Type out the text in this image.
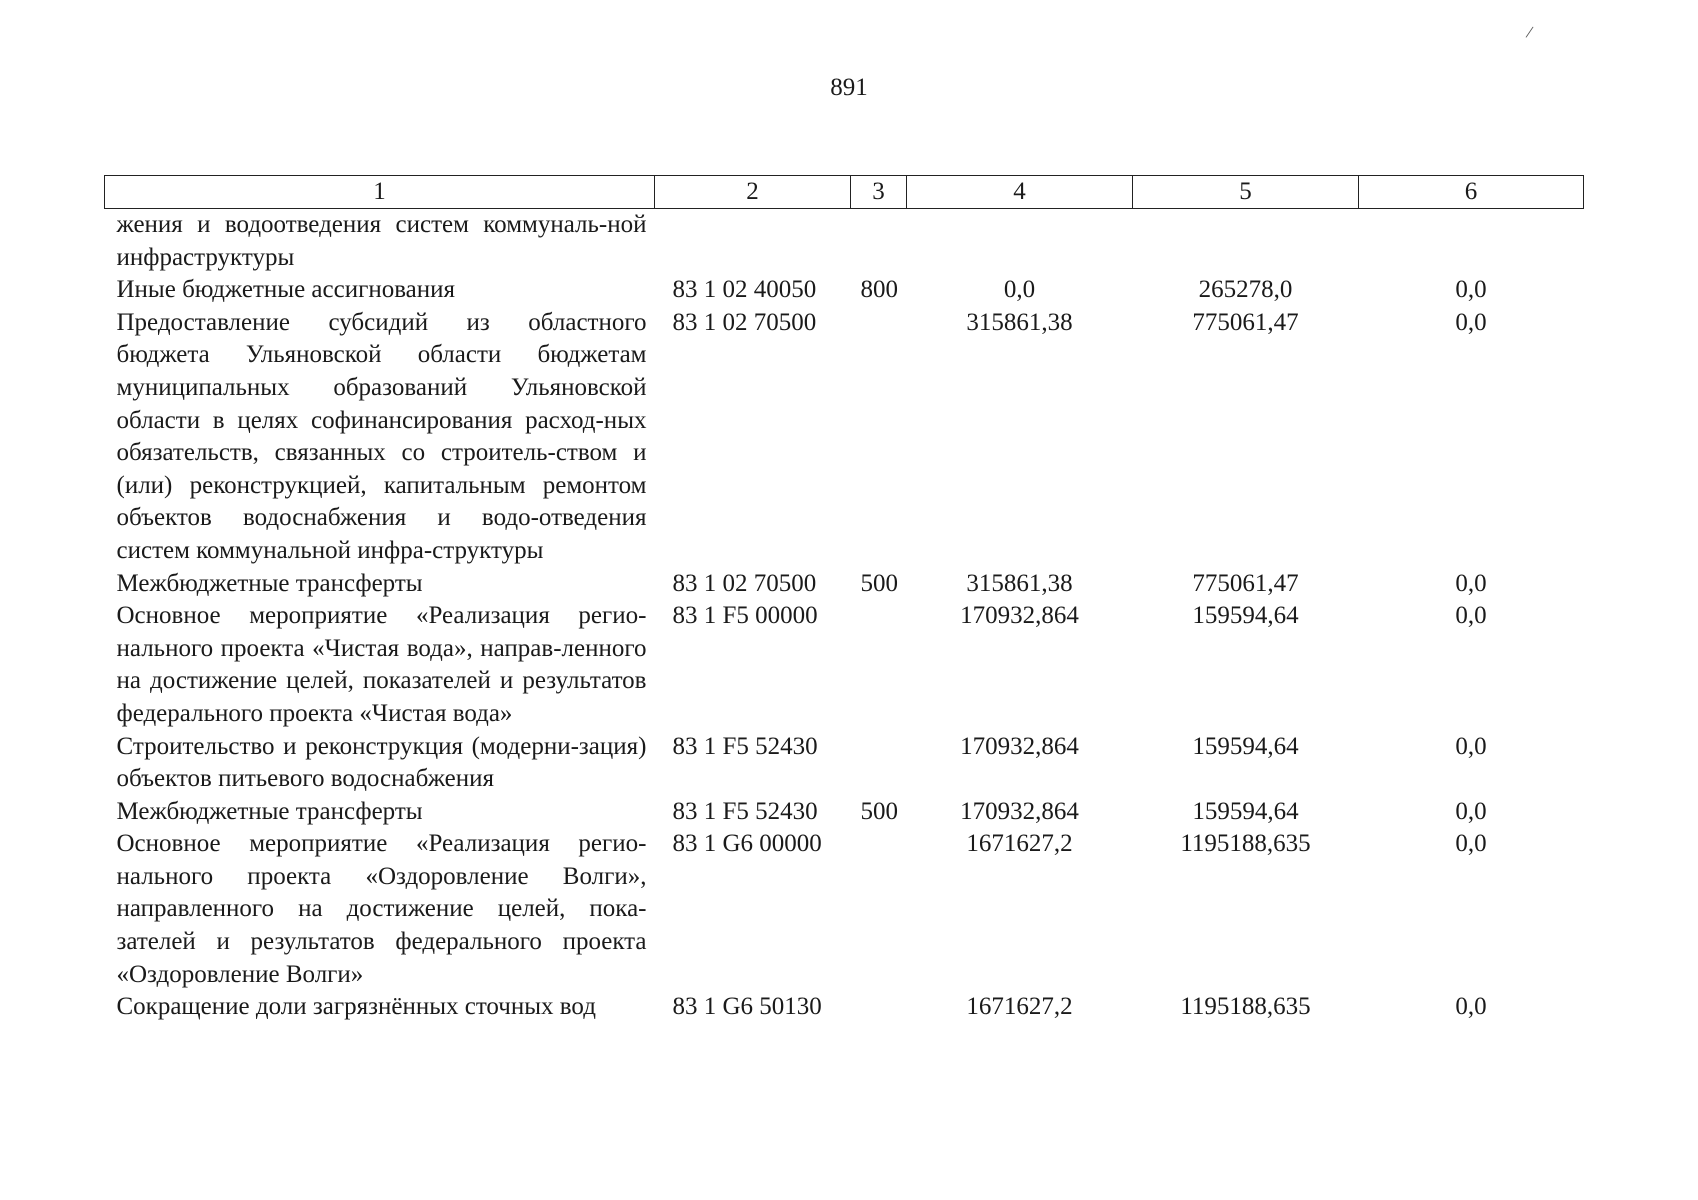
891
/
1	2	3	4	5	6
жения и водоотведения систем коммуналь-ной инфраструктуры					
Иные бюджетные ассигнования	83 1 02 40050	800	0,0	265278,0	0,0
Предоставление субсидий из областного бюджета Ульяновской области бюджетам муниципальных образований Ульяновской области в целях софинансирования расход-ных обязательств, связанных со строитель-ством и (или) реконструкцией, капитальным ремонтом объектов водоснабжения и водо-отведения систем коммунальной инфра-структуры	83 1 02 70500		315861,38	775061,47	0,0
Межбюджетные трансферты	83 1 02 70500	500	315861,38	775061,47	0,0
Основное мероприятие «Реализация регио-нального проекта «Чистая вода», направ-ленного на достижение целей, показателей и результатов федерального проекта «Чистая вода»	83 1 F5 00000		170932,864	159594,64	0,0
Строительство и реконструкция (модерни-зация) объектов питьевого водоснабжения	83 1 F5 52430		170932,864	159594,64	0,0
Межбюджетные трансферты	83 1 F5 52430	500	170932,864	159594,64	0,0
Основное мероприятие «Реализация регио-нального проекта «Оздоровление Волги», направленного на достижение целей, пока-зателей и результатов федерального проекта «Оздоровление Волги»	83 1 G6 00000		1671627,2	1195188,635	0,0
Сокращение доли загрязнённых сточных вод	83 1 G6 50130		1671627,2	1195188,635	0,0
